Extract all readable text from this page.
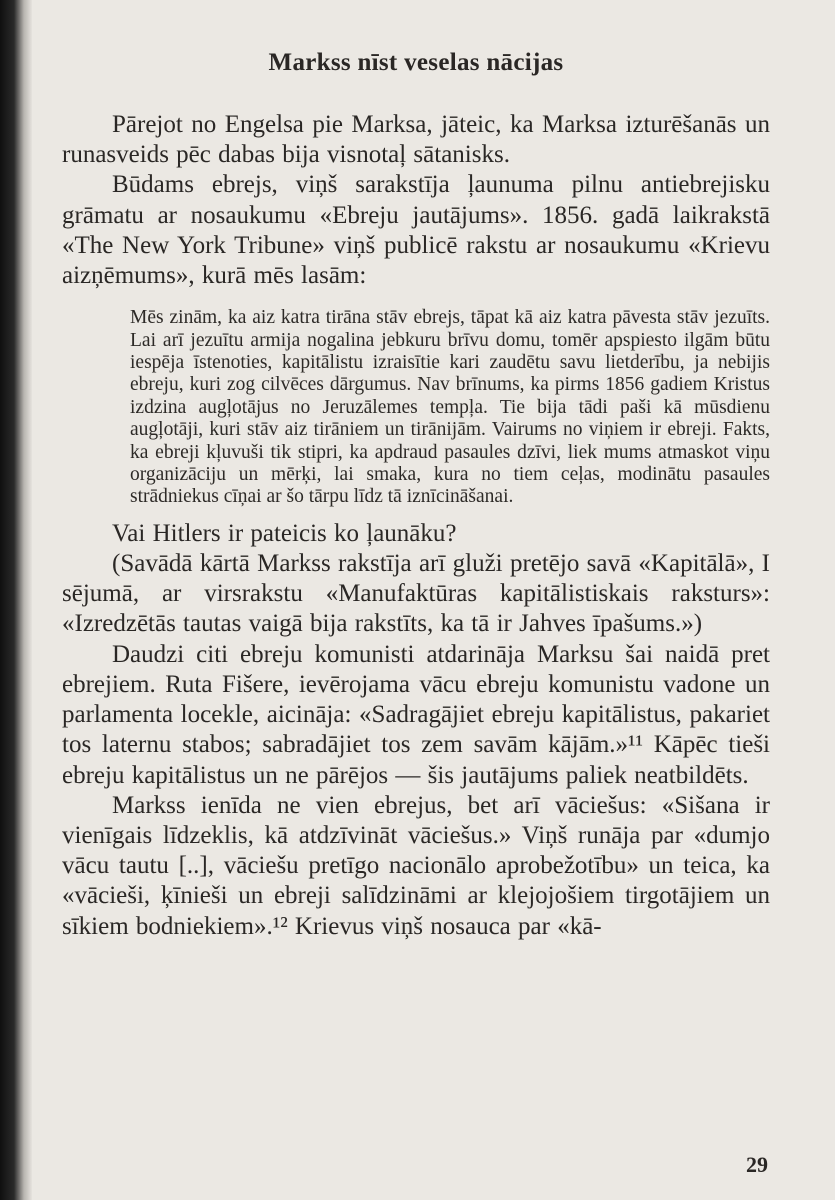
Markss nīst veselas nācijas

Pārejot no Engelsa pie Marksa, jāteic, ka Marksa izturēšanās un runasveids pēc dabas bija visnotaļ sātanisks.

Būdams ebrejs, viņš sarakstīja ļaunuma pilnu antiebrejisku grāmatu ar nosaukumu «Ebreju jautājums». 1856. gadā laikrakstā «The New York Tribune» viņš publicē rakstu ar nosaukumu «Krievu aizņēmums», kurā mēs lasām:

Mēs zinām, ka aiz katra tirāna stāv ebrejs, tāpat kā aiz katra pāvesta stāv jezuīts. Lai arī jezuītu armija nogalina jebkuru brīvu domu, tomēr apspiesto ilgām būtu iespēja īstenoties, kapitālistu izraisītie kari zaudētu savu lietderību, ja nebijis ebreju, kuri zog cilvēces dārgumus. Nav brīnums, ka pirms 1856 gadiem Kristus izdzina augļotājus no Jeruzālemes tempļa. Tie bija tādi paši kā mūsdienu augļotāji, kuri stāv aiz tirāniem un tirānijām. Vairums no viņiem ir ebreji. Fakts, ka ebreji kļuvuši tik stipri, ka apdraud pasaules dzīvi, liek mums atmaskot viņu organizāciju un mērķi, lai smaka, kura no tiem ceļas, modinātu pasaules strādniekus cīņai ar šo tārpu līdz tā iznīcināšanai.

Vai Hitlers ir pateicis ko ļaunāku?

(Savādā kārtā Markss rakstīja arī gluži pretējo savā «Kapitālā», I sējumā, ar virsrakstu «Manufaktūras kapitālistiskais raksturs»: «Izredzētās tautas vaigā bija rakstīts, ka tā ir Jahves īpašums.»)

Daudzi citi ebreju komunisti atdarināja Marksu šai naidā pret ebrejiem. Ruta Fišere, ievērojama vācu ebreju komunistu vadone un parlamenta locekle, aicināja: «Sadragājiet ebreju kapitālistus, pakariet tos laternu stabos; sabradājiet tos zem savām kājām.»¹¹ Kāpēc tieši ebreju kapitālistus un ne pārējos — šis jautājums paliek neatbildēts.

Markss ienīda ne vien ebrejus, bet arī vāciešus: «Sišana ir vienīgais līdzeklis, kā atdzīvināt vāciešus.» Viņš runāja par «dumjo vācu tautu [..], vāciešu pretīgo nacionālo aprobežotību» un teica, ka «vācieši, ķīnieši un ebreji salīdzināmi ar klejojošiem tirgotājiem un sīkiem bodniekiem».¹² Krievus viņš nosauca par «kā-

29
